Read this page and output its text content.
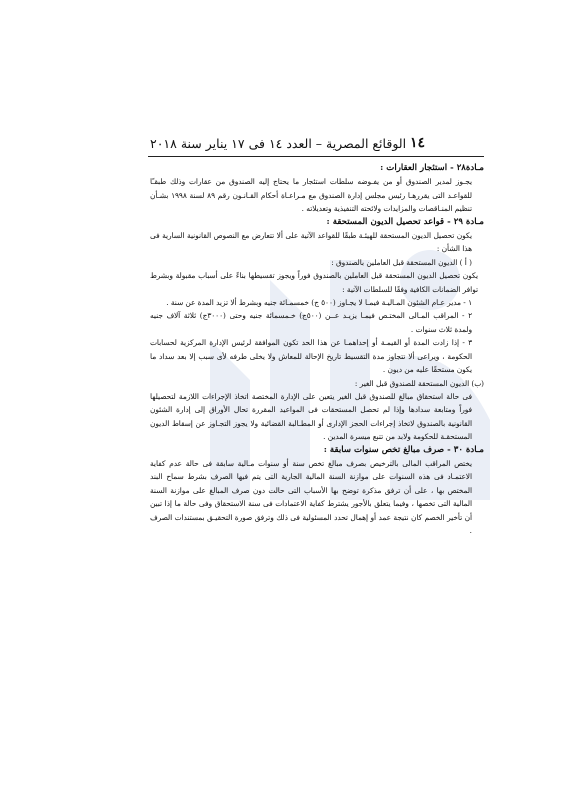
١٤
الوقائع المصرية – العدد ١٤ فى ١٧ يناير سنة ٢٠١٨

مـادة٢٨ - استئجار العقارات :

يجـوز لمدير الصندوق أو من يفـوضه سلطات استئجار ما يحتاج إليه الصندوق من عقارات وذلك طبقـًا للقواعـد التى يقررهـا رئيس مجلس إدارة الصندوق مع مـراعـاة أحكام القـانـون رقم ٨٩ لسنة ١٩٩٨ بشـأن تنظيم المنـاقصات والمزايدات ولائحته التنفيذية وتعديلاته .

مـادة ٢٩ - قواعد تحصيل الديون المستحقة :

يكون تحصيل الديون المستحقة للهيئـة طبقًا للقواعد الآتية على ألا تتعارض مع النصوص القانونية السارية فى هذا الشأن :

( أ ) الديون المستحقة قبل العاملين بالصندوق :

يكون تحصيل الديون المستحقة قبل العاملين بالصندوق فوراً ويجوز تقسيطها بناءً على أسباب مقبولة وبشرط توافر الضمانات الكافية وفقًا للسلطات الآتية :

١ - مدير عـام الشئون المـاليـة فيمـا لا يجـاوز (٥٠٠ ج) خمسمـائة جنيه وبشرط ألا تزيد المدة عن سنة .

٢ - المراقب المـالى المختـص فيمـا يزيـد عــن (٥٠٠ج) خـمسمائة جنيه وحتى (٣٠٠٠ج) ثلاثة آلاف جنيه ولمدة ثلاث سنوات .

٣ - إذا زادت المدة أو القيمـة أو إحداهمـا عن هذا الحد تكون الموافقة لرئيس الإدارة المركزية لحسابات الحكومة ، ويراعى ألا تتجاوز مدة التقسيط تاريخ الإحالة للمعاش ولا يخلى طرفه لأى سبب إلا بعد سداد ما يكون مستحقًا عليه من ديون .

(ب) الديون المستحقة للصندوق قبل الغير :

فى حالة استحقاق مبالغ للصندوق قبل الغير يتعين على الإدارة المختصة اتخاذ الإجراءات اللازمة لتحصيلها فوراً ومتابعة سدادها وإذا لم تحصل المستحقات فى المواعيد المقررة تحال الأوراق إلى إدارة الشئون القانونية بالصندوق لاتخاذ إجراءات الحجز الإدارى أو المطـالبة القضائية ولا يجوز التجـاوز عن إسقاط الديون المستحقـة للحكومة ولابد من تتبع ميسرة المدين .

مـادة ٣٠ - صرف مبالغ تخص سنوات سابقة :

يختص المراقب المالى بالترخيص بصرف مبالغ تخص سنة أو سنوات مـالية سابقة فى حالة عدم كفاية الاعتمـاد فى هذه السنوات على موازنة السنة المالية الجارية التى يتم فيها الصرف بشرط سماح البند المختص بها ، على أن ترفق مذكرة توضح بها الأسباب التى حالت دون صرف المبالغ على موازنة السنة المالية التى تخصها ، وفيما يتعلق بالأجور يشترط كفاية الاعتمادات فى سنة الاستحقاق وفى حالة ما إذا تبين أن تأخير الخصم كان نتيجة عمد أو إهمال تحدد المسئولية فى ذلك وترفق صورة التحقيـق بمستندات الصرف .
